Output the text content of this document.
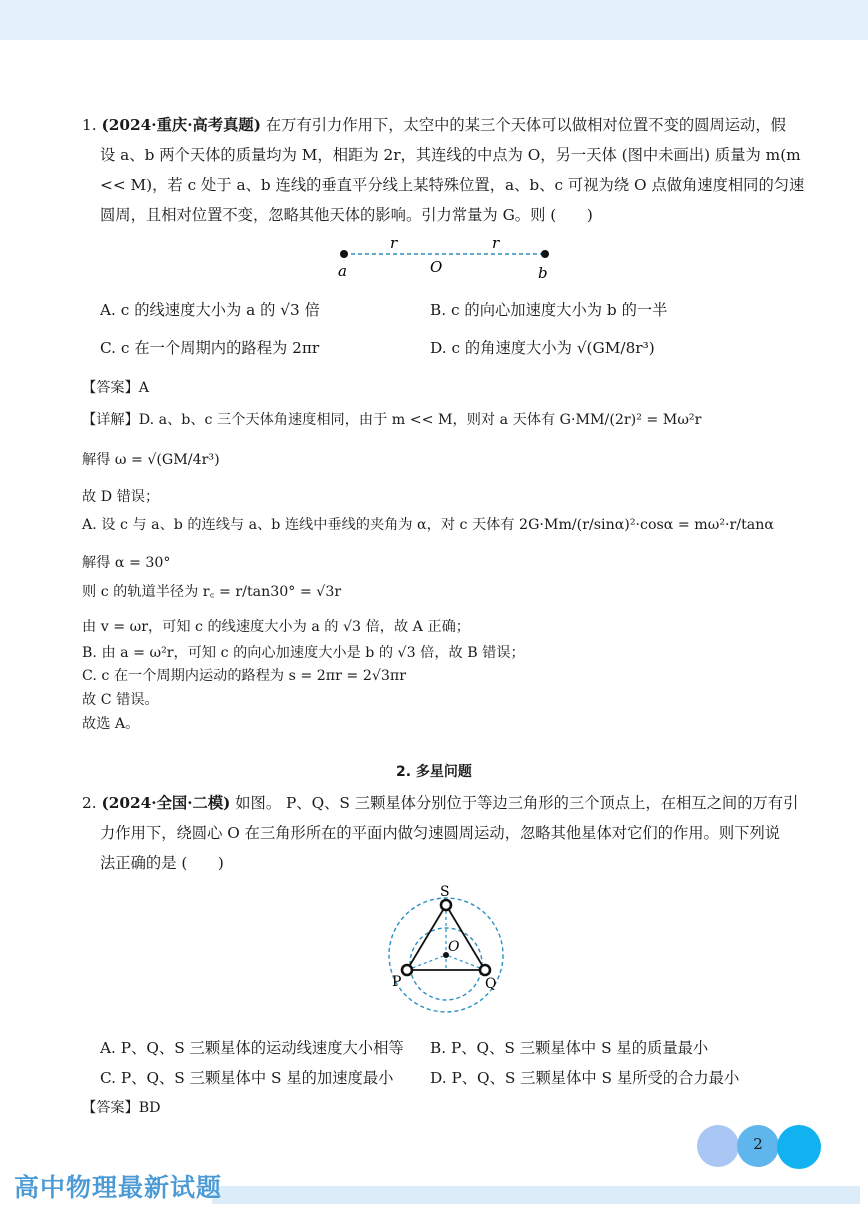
1. (2024·重庆·高考真题) 在万有引力作用下，太空中的某三个天体可以做相对位置不变的圆周运动，假
设 a、b 两个天体的质量均为 M，相距为 2r，其连线的中点为 O，另一天体 (图中未画出) 质量为 m(m
<< M)，若 c 处于 a、b 连线的垂直平分线上某特殊位置，a、b、c 可视为绕 O 点做角速度相同的匀速
圆周，且相对位置不变，忽略其他天体的影响。引力常量为 G。则 (　　)
a	b
O
r	r
A. c 的线速度大小为 a 的 √3 倍	B. c 的向心加速度大小为 b 的一半
C. c 在一个周期内的路程为 2πr	D. c 的角速度大小为 √(GM/8r³)
【答案】A
【详解】D. a、b、c 三个天体角速度相同，由于 m << M，则对 a 天体有 G·MM/(2r)² = Mω²r
解得 ω = √(GM/4r³)
故 D 错误；
A. 设 c 与 a、b 的连线与 a、b 连线中垂线的夹角为 α，对 c 天体有 2G·Mm/(r/sinα)²·cosα = mω²·r/tanα
解得 α = 30°
则 c 的轨道半径为 r꜀ = r/tan30° = √3r
由 v = ωr，可知 c 的线速度大小为 a 的 √3 倍，故 A 正确；
B. 由 a = ω²r，可知 c 的向心加速度大小是 b 的 √3 倍，故 B 错误；
C. c 在一个周期内运动的路程为 s = 2πr = 2√3πr
故 C 错误。
故选 A。
2. 多星问题
2. (2024·全国·二模) 如图。 P、Q、S 三颗星体分别位于等边三角形的三个顶点上，在相互之间的万有引
力作用下，绕圆心 O 在三角形所在的平面内做匀速圆周运动，忽略其他星体对它们的作用。则下列说
法正确的是 (　　)
S
P	Q
O
A. P、Q、S 三颗星体的运动线速度大小相等 B. P、Q、S 三颗星体中 S 星的质量最小
C. P、Q、S 三颗星体中 S 星的加速度最小 D. P、Q、S 三颗星体中 S 星所受的合力最小
【答案】BD
2
高中物理最新试题
